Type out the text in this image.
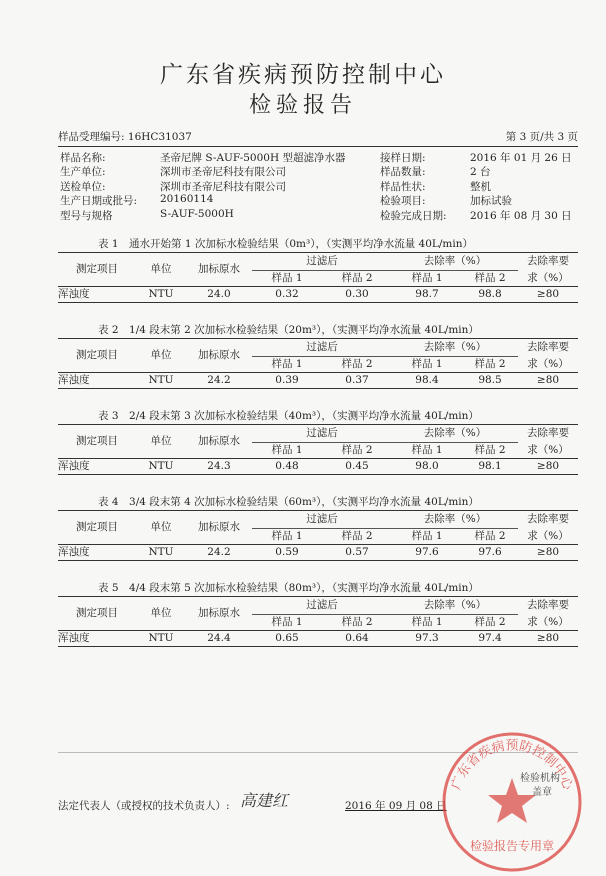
广东省疾病预防控制中心
检验报告
样品受理编号: 16HC31037	第 3 页/共 3 页
样品名称:	圣帝尼牌 S-AUF-5000H 型超滤净水器	接样日期:	2016 年 01 月 26 日
生产单位:	深圳市圣帝尼科技有限公司	样品数量:	2 台
送检单位:	深圳市圣帝尼科技有限公司	样品性状:	整机
生产日期或批号: 20160114	检验项目:	加标试验
型号与规格	S-AUF-5000H	检验完成日期: 2016 年 08 月 30 日
表 1　通水开始第 1 次加标水检验结果（0m³），（实测平均净水流量 40L/min）
测定项目	单位	加标原水	过滤后		去除率（%）		去除率要
			样品 1	样品 2	样品 1	样品 2	求（%）
浑浊度	NTU	24.0	0.32	0.30	98.7	98.8	≥80
表 2　1/4 段末第 2 次加标水检验结果（20m³），（实测平均净水流量 40L/min）
测定项目	单位	加标原水	过滤后		去除率（%）		去除率要
			样品 1	样品 2	样品 1	样品 2	求（%）
浑浊度	NTU	24.2	0.39	0.37	98.4	98.5	≥80
表 3　2/4 段末第 3 次加标水检验结果（40m³），（实测平均净水流量 40L/min）
测定项目	单位	加标原水	过滤后		去除率（%）		去除率要
			样品 1	样品 2	样品 1	样品 2	求（%）
浑浊度	NTU	24.3	0.48	0.45	98.0	98.1	≥80
表 4　3/4 段末第 4 次加标水检验结果（60m³），（实测平均净水流量 40L/min）
测定项目	单位	加标原水	过滤后		去除率（%）		去除率要
			样品 1	样品 2	样品 1	样品 2	求（%）
浑浊度	NTU	24.2	0.59	0.57	97.6	97.6	≥80
表 5　4/4 段末第 5 次加标水检验结果（80m³），（实测平均净水流量 40L/min）
测定项目	单位	加标原水	过滤后		去除率（%）		去除率要
			样品 1	样品 2	样品 1	样品 2	求（%）
浑浊度	NTU	24.4	0.65	0.64	97.3	97.4	≥80
法定代表人（或授权的技术负责人）: 高建红	2016 年 09 月 08 日
广东省疾病预防控制中心
检验报告专用章
检验机构
盖章
